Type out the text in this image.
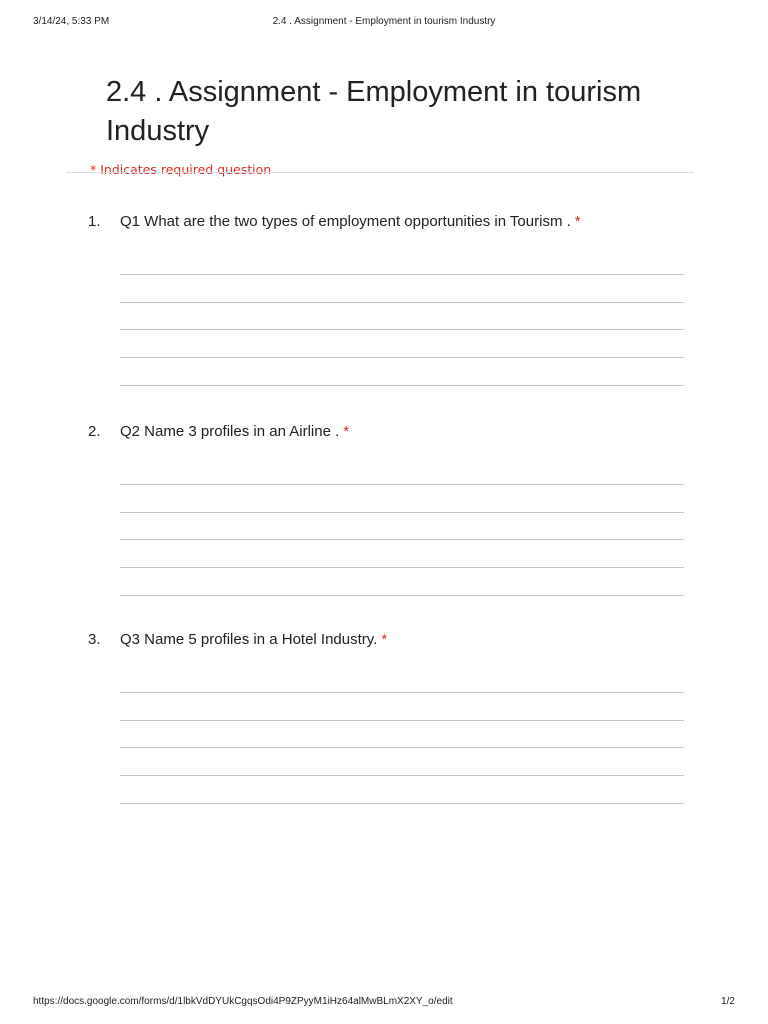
3/14/24, 5:33 PM	2.4 . Assignment - Employment in tourism Industry
2.4 . Assignment - Employment in tourism Industry
* Indicates required question
1. Q1 What are the two types of employment opportunities in Tourism . *
2. Q2 Name 3 profiles in an Airline . *
3. Q3 Name 5 profiles in a Hotel Industry. *
https://docs.google.com/forms/d/1lbkVdDYUkCgqsOdi4P9ZPyyM1iHz64alMwBLmX2XY_o/edit	1/2
